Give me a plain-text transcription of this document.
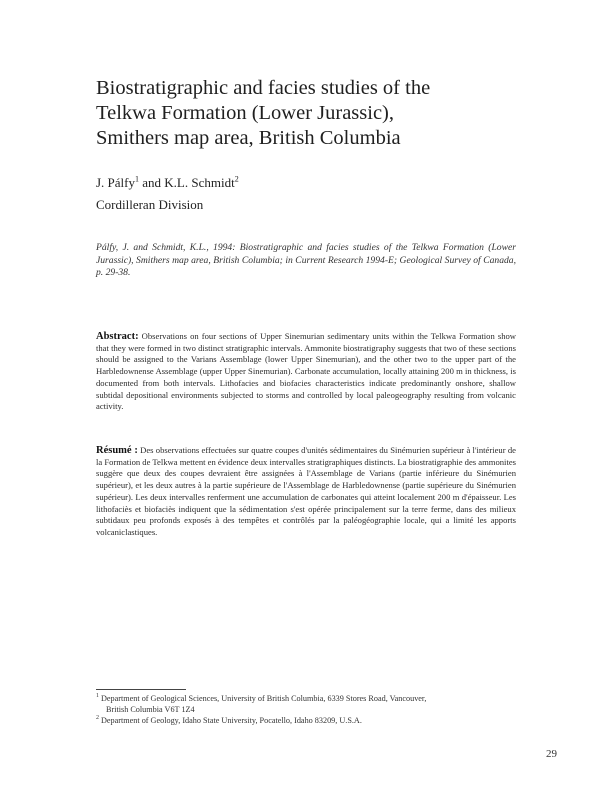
Biostratigraphic and facies studies of the
Telkwa Formation (Lower Jurassic),
Smithers map area, British Columbia
J. Pálfy$^1$ and K.L. Schmidt$^2$
Cordilleran Division
Pálfy, J. and Schmidt, K.L., 1994: Biostratigraphic and facies studies of the Telkwa Formation (Lower Jurassic), Smithers map area, British Columbia; in Current Research 1994-E; Geological Survey of Canada, p. 29-38.
Abstract: Observations on four sections of Upper Sinemurian sedimentary units within the Telkwa Formation show that they were formed in two distinct stratigraphic intervals. Ammonite biostratigraphy suggests that two of these sections should be assigned to the Varians Assemblage (lower Upper Sinemurian), and the other two to the upper part of the Harbledownense Assemblage (upper Upper Sinemurian). Carbonate accumulation, locally attaining 200 m in thickness, is documented from both intervals. Lithofacies and biofacies characteristics indicate predominantly onshore, shallow subtidal depositional environments subjected to storms and controlled by local paleogeography resulting from volcanic activity.
Résumé : Des observations effectuées sur quatre coupes d'unités sédimentaires du Sinémurien supérieur à l'intérieur de la Formation de Telkwa mettent en évidence deux intervalles stratigraphiques distincts. La biostratigraphie des ammonites suggère que deux des coupes devraient être assignées à l'Assemblage de Varians (partie inférieure du Sinémurien supérieur), et les deux autres à la partie supérieure de l'Assemblage de Harbledownense (partie supérieure du Sinémurien supérieur). Les deux intervalles renferment une accumulation de carbonates qui atteint localement 200 m d'épaisseur. Les lithofaciès et biofaciès indiquent que la sédimentation s'est opérée principalement sur la terre ferme, dans des milieux subtidaux peu profonds exposés à des tempêtes et contrôlés par la paléogéographie locale, qui a limité les apports volcaniclastiques.

$^1$ Department of Geological Sciences, University of British Columbia, 6339 Stores Road, Vancouver,

British Columbia V6T 1Z4

$^2$ Department of Geology, Idaho State University, Pocatello, Idaho 83209, U.S.A.

29
